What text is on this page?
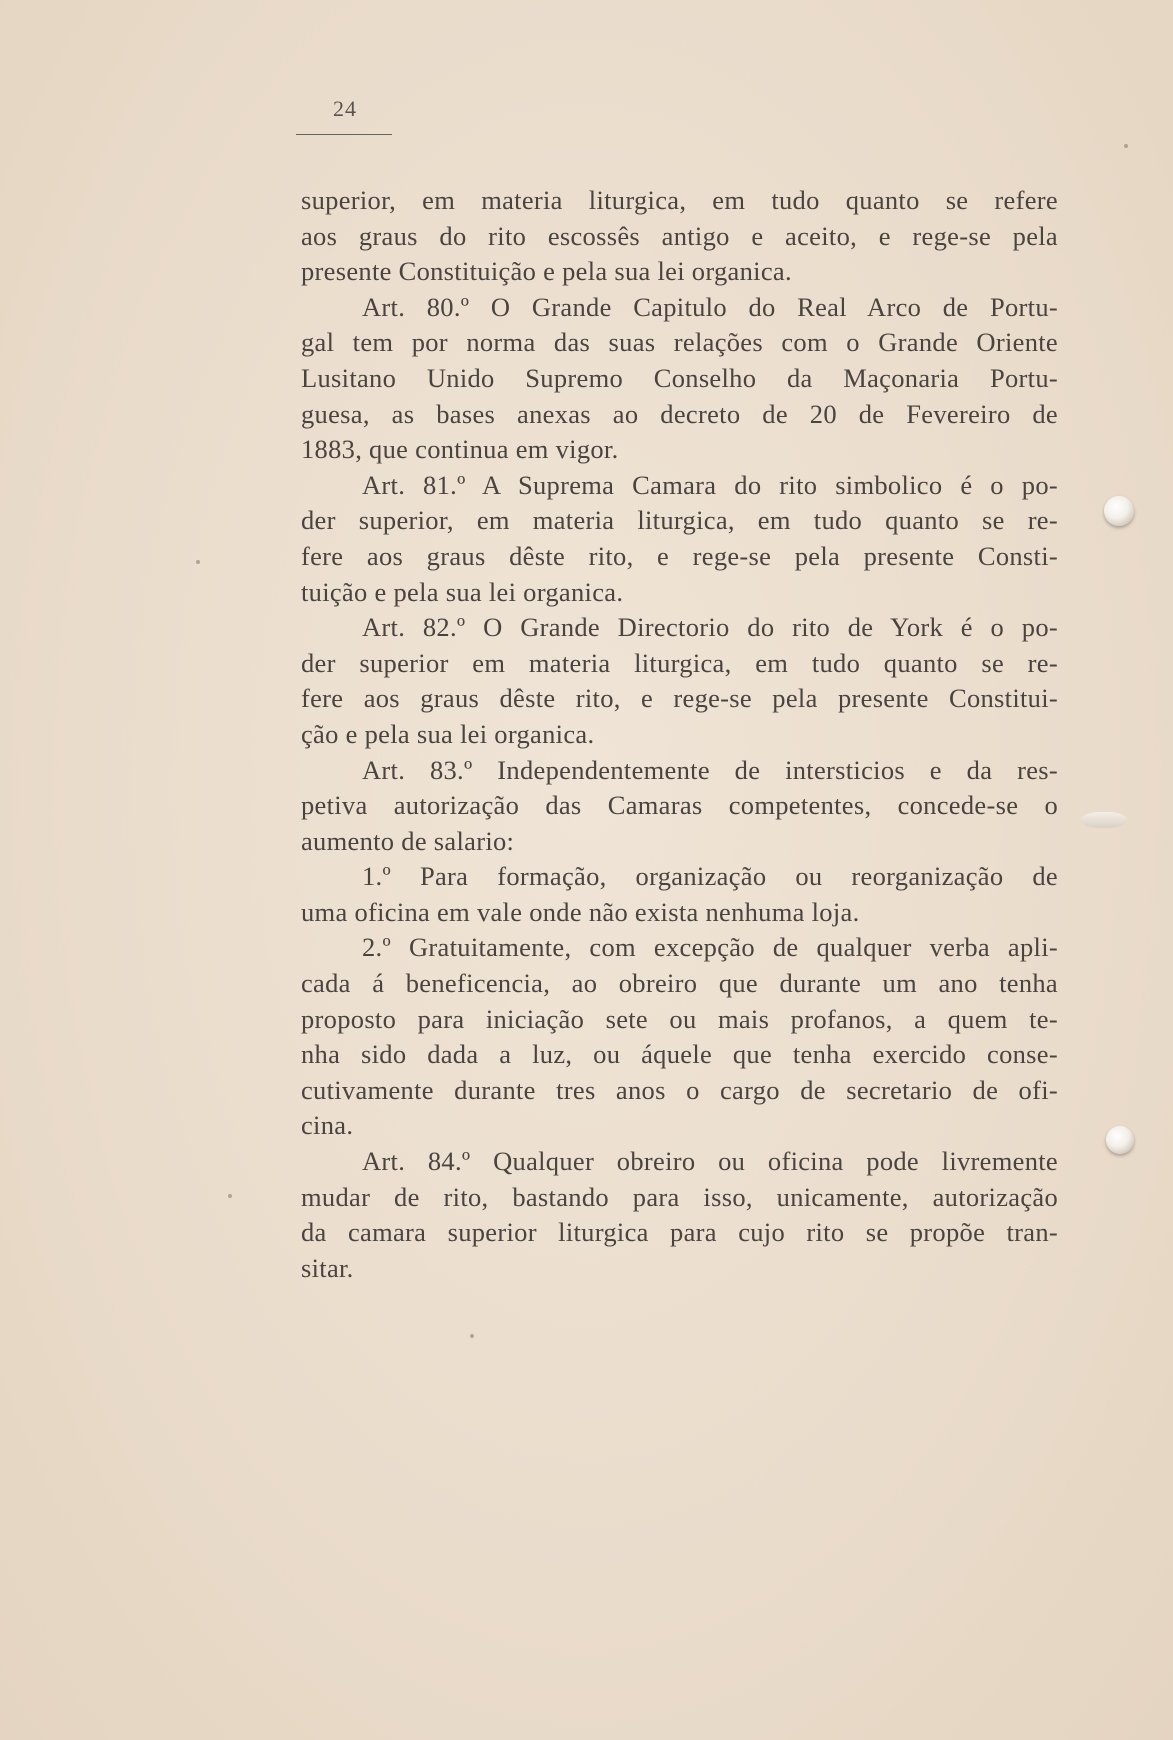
24
superior, em materia liturgica, em tudo quanto se refere
aos graus do rito escossês antigo e aceito, e rege-se pela
presente Constituição e pela sua lei organica.
Art. 80.º O Grande Capitulo do Real Arco de Portu-
gal tem por norma das suas relações com o Grande Oriente
Lusitano Unido Supremo Conselho da Maçonaria Portu-
guesa, as bases anexas ao decreto de 20 de Fevereiro de
1883, que continua em vigor.
Art. 81.º A Suprema Camara do rito simbolico é o po-
der superior, em materia liturgica, em tudo quanto se re-
fere aos graus dêste rito, e rege-se pela presente Consti-
tuição e pela sua lei organica.
Art. 82.º O Grande Directorio do rito de York é o po-
der superior em materia liturgica, em tudo quanto se re-
fere aos graus dêste rito, e rege-se pela presente Constitui-
ção e pela sua lei organica.
Art. 83.º Independentemente de intersticios e da res-
petiva autorização das Camaras competentes, concede-se o
aumento de salario:
1.º Para formação, organização ou reorganização de
uma oficina em vale onde não exista nenhuma loja.
2.º Gratuitamente, com excepção de qualquer verba apli-
cada á beneficencia, ao obreiro que durante um ano tenha
proposto para iniciação sete ou mais profanos, a quem te-
nha sido dada a luz, ou áquele que tenha exercido conse-
cutivamente durante tres anos o cargo de secretario de ofi-
cina.
Art. 84.º Qualquer obreiro ou oficina pode livremente
mudar de rito, bastando para isso, unicamente, autorização
da camara superior liturgica para cujo rito se propõe tran-
sitar.
